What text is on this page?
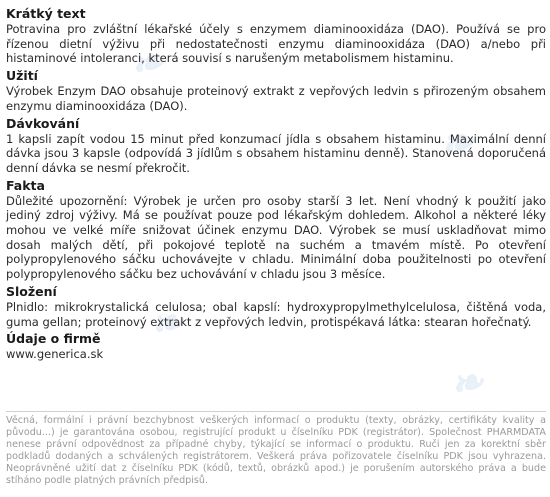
❧
❧
❧
❧
Krátký text

Potravina pro zvláštní lékařské účely s enzymem diaminooxidáza (DAO). Používá se pro řízenou dietní výživu při nedostatečnosti enzymu diaminooxidáza (DAO) a/nebo při histaminové intoleranci, která souvisí s narušeným metabolismem histaminu.

Užití

Výrobek Enzym DAO obsahuje proteinový extrakt z vepřových ledvin s přirozeným obsahem enzymu diaminooxidáza (DAO).

Dávkování

1 kapsli zapít vodou 15 minut před konzumací jídla s obsahem histaminu. Maximální denní dávka jsou 3 kapsle (odpovídá 3 jídlům s obsahem histaminu denně). Stanovená doporučená denní dávka se nesmí překročit.

Fakta

Důležité upozornění: Výrobek je určen pro osoby starší 3 let. Není vhodný k použití jako jediný zdroj výživy. Má se používat pouze pod lékařským dohledem. Alkohol a některé léky mohou ve velké míře snižovat účinek enzymu DAO. Výrobek se musí uskladňovat mimo dosah malých dětí, při pokojové teplotě na suchém a tmavém místě. Po otevření polypropylenového sáčku uchovávejte v chladu. Minimální doba použitelnosti po otevření polypropylenového sáčku bez uchovávání v chladu jsou 3 měsíce.

Složení

Plnidlo: mikrokrystalická celulosa; obal kapslí: hydroxypropylmethylcelulosa, čištěná voda, guma gellan; proteinový extrakt z vepřových ledvin, protispékavá látka: stearan hořečnatý.

Údaje o firmě

www.generica.sk

Věcná, formální i právní bezchybnost veškerých informací o produktu (texty, obrázky, certifikáty kvality a původu...) je garantována osobou, registrující produkt u číselníku PDK (registrátor). Společnost PHARMDATA nenese právní odpovědnost za případné chyby, týkající se informací o produktu. Ruči jen za korektní sběr podkladů dodaných a schválených registrátorem. Veškerá práva pořizovatele číselníku PDK jsou vyhrazena. Neoprávněné užití dat z číselníku PDK (kódů, textů, obrázků apod.) je porušením autorského práva a bude stíháno podle platných právních předpisů.
